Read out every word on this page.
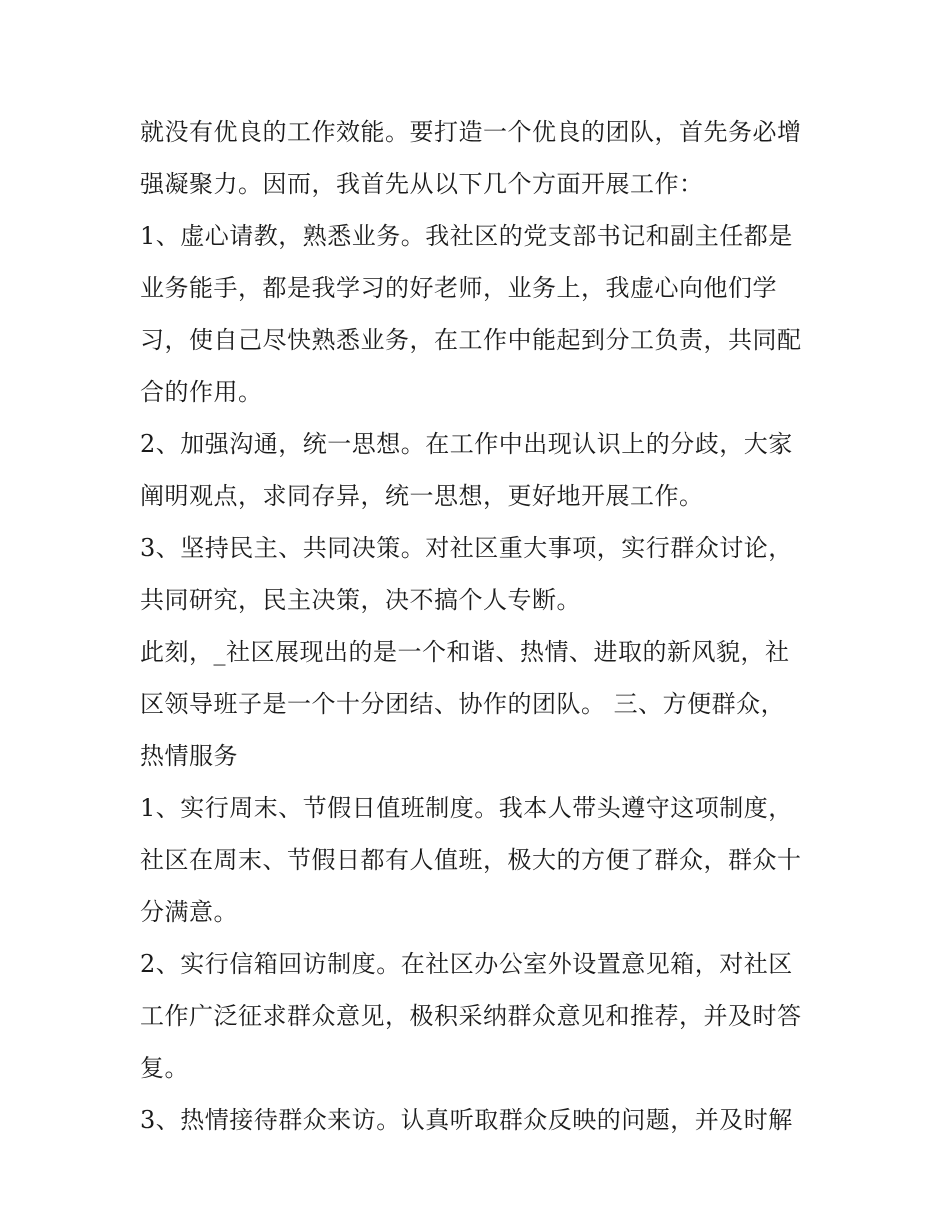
就没有优良的工作效能。要打造一个优良的团队，首先务必增
强凝聚力。因而，我首先从以下几个方面开展工作：
1、虚心请教，熟悉业务。我社区的党支部书记和副主任都是
业务能手，都是我学习的好老师，业务上，我虚心向他们学
习，使自己尽快熟悉业务，在工作中能起到分工负责，共同配
合的作用。
2、加强沟通，统一思想。在工作中出现认识上的分歧，大家
阐明观点，求同存异，统一思想，更好地开展工作。
3、坚持民主、共同决策。对社区重大事项，实行群众讨论，
共同研究，民主决策，决不搞个人专断。
此刻，_社区展现出的是一个和谐、热情、进取的新风貌，社
区领导班子是一个十分团结、协作的团队。 三、方便群众，
热情服务
1、实行周末、节假日值班制度。我本人带头遵守这项制度，
社区在周末、节假日都有人值班，极大的方便了群众，群众十
分满意。
2、实行信箱回访制度。在社区办公室外设置意见箱，对社区
工作广泛征求群众意见，极积采纳群众意见和推荐，并及时答
复。
3、热情接待群众来访。认真听取群众反映的问题，并及时解
